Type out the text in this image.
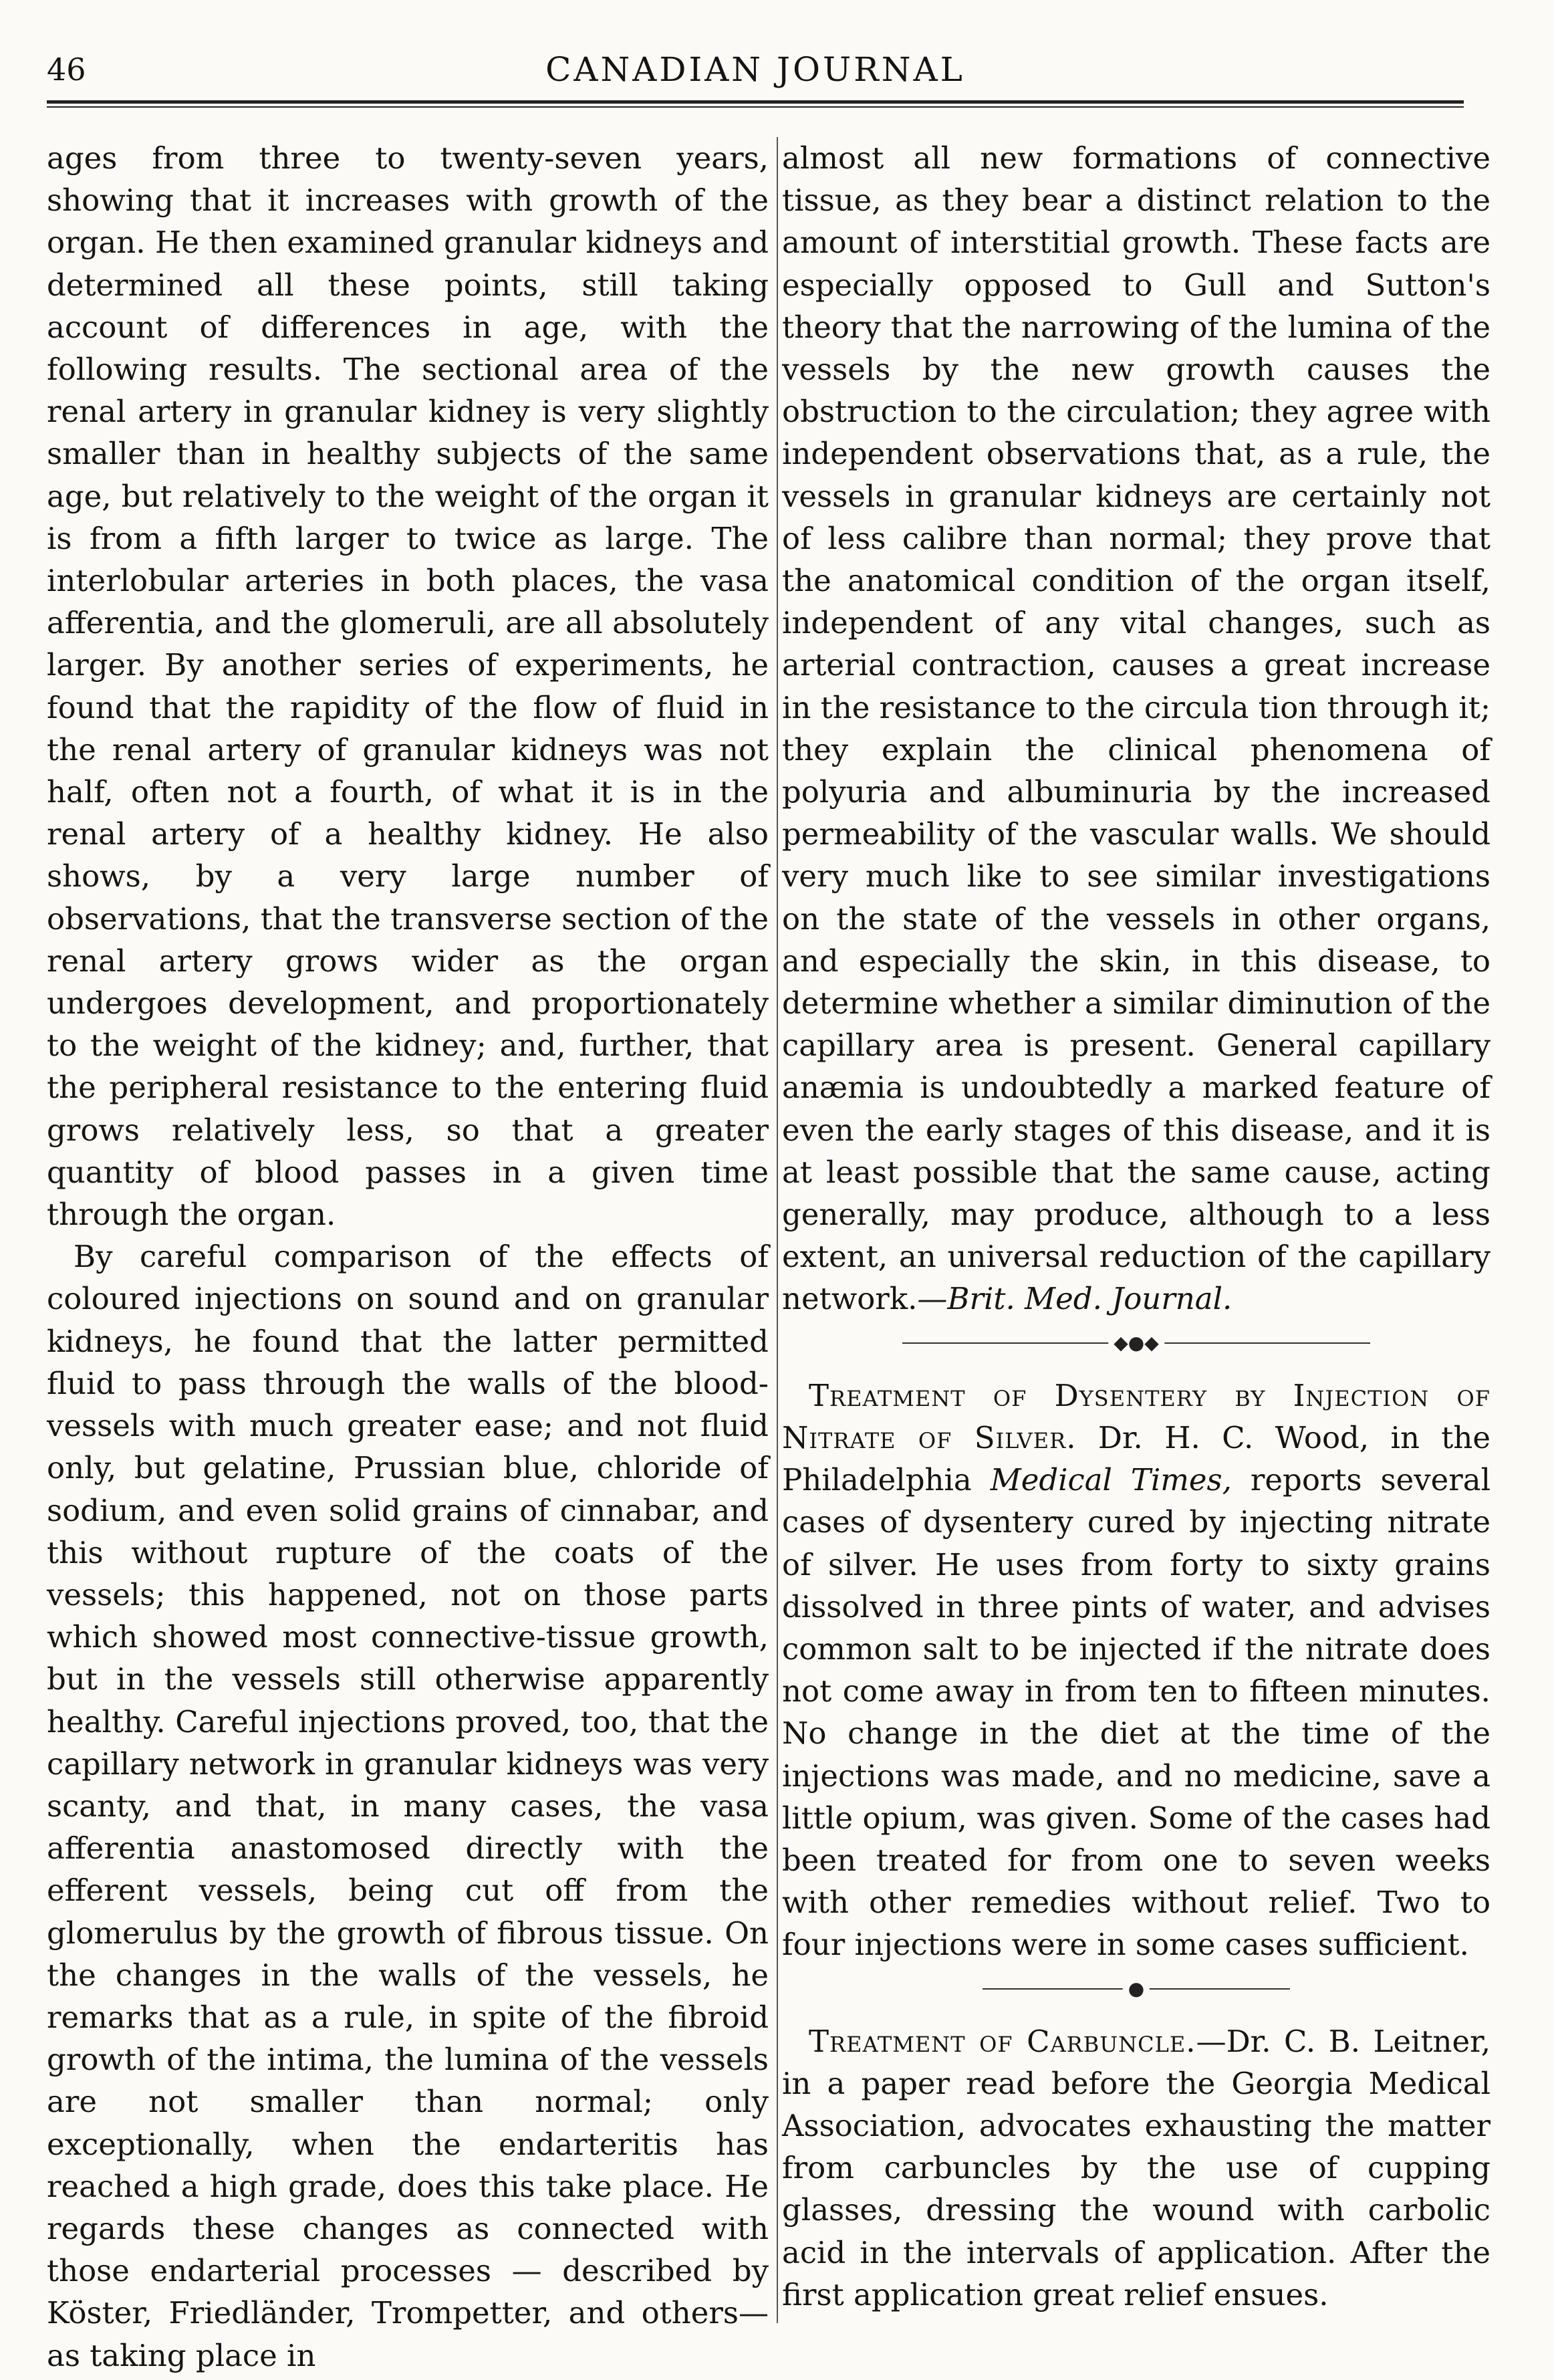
46	CANADIAN JOURNAL

ages from three to twenty-seven years, showing that it increases with growth of the organ. He then examined granular kidneys and determined all these points, still taking account of differences in age, with the following results. The sectional area of the renal artery in granular kidney is very slightly smaller than in healthy subjects of the same age, but relatively to the weight of the organ it is from a fifth larger to twice as large. The interlobular arteries in both places, the vasa afferentia, and the glomeruli, are all absolutely larger. By another series of experiments, he found that the rapidity of the flow of fluid in the renal artery of granular kidneys was not half, often not a fourth, of what it is in the renal artery of a healthy kidney. He also shows, by a very large number of observations, that the transverse section of the renal artery grows wider as the organ undergoes development, and proportionately to the weight of the kidney; and, further, that the peripheral resistance to the entering fluid grows relatively less, so that a greater quantity of blood passes in a given time through the organ.

By careful comparison of the effects of coloured injections on sound and on granular kidneys, he found that the latter permitted fluid to pass through the walls of the blood-vessels with much greater ease; and not fluid only, but gelatine, Prussian blue, chloride of sodium, and even solid grains of cinnabar, and this without rupture of the coats of the vessels; this happened, not on those parts which showed most connective-tissue growth, but in the vessels still otherwise apparently healthy. Careful injections proved, too, that the capillary network in granular kidneys was very scanty, and that, in many cases, the vasa afferentia anastomosed directly with the efferent vessels, being cut off from the glomerulus by the growth of fibrous tissue. On the changes in the walls of the vessels, he remarks that as a rule, in spite of the fibroid growth of the intima, the lumina of the vessels are not smaller than normal; only exceptionally, when the endarteritis has reached a high grade, does this take place. He regards these changes as connected with those endarterial processes — described by Köster, Friedländer, Trompetter, and others—as taking place in

almost all new formations of connective tissue, as they bear a distinct relation to the amount of interstitial growth. These facts are especially opposed to Gull and Sutton's theory that the narrowing of the lumina of the vessels by the new growth causes the obstruction to the circulation; they agree with independent observations that, as a rule, the vessels in granular kidneys are certainly not of less calibre than normal; they prove that the anatomical condition of the organ itself, independent of any vital changes, such as arterial contraction, causes a great increase in the resistance to the circula tion through it; they explain the clinical phenomena of polyuria and albuminuria by the increased permeability of the vascular walls. We should very much like to see similar investigations on the state of the vessels in other organs, and especially the skin, in this disease, to determine whether a similar diminution of the capillary area is present. General capillary anæmia is undoubtedly a marked feature of even the early stages of this disease, and it is at least possible that the same cause, acting generally, may produce, although to a less extent, an universal reduction of the capillary network.—Brit. Med. Journal.

◆●◆

Treatment of Dysentery by Injection of Nitrate of Silver. Dr. H. C. Wood, in the Philadelphia Medical Times, reports several cases of dysentery cured by injecting nitrate of silver. He uses from forty to sixty grains dissolved in three pints of water, and advises common salt to be injected if the nitrate does not come away in from ten to fifteen minutes. No change in the diet at the time of the injections was made, and no medicine, save a little opium, was given. Some of the cases had been treated for from one to seven weeks with other remedies without relief. Two to four injections were in some cases sufficient.

●

Treatment of Carbuncle.—Dr. C. B. Leitner, in a paper read before the Georgia Medical Association, advocates exhausting the matter from carbuncles by the use of cupping glasses, dressing the wound with carbolic acid in the intervals of application. After the first application great relief ensues.
